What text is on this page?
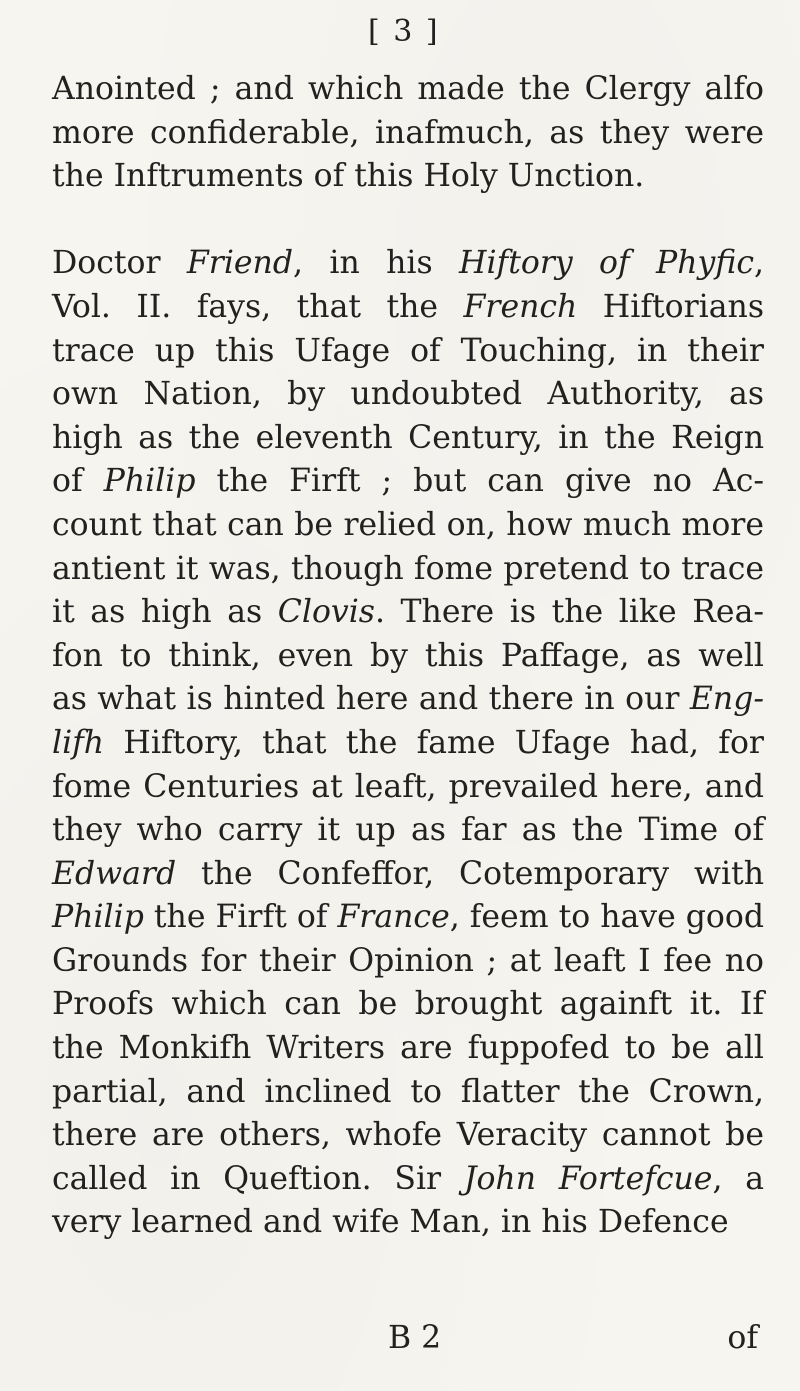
[ 3 ]
Anointed ; and which made the Clergy alfo
more confiderable, inafmuch, as they were
the Inftruments of this Holy Unction.
Doctor Friend, in his Hiftory of Phyfic,
Vol. II. fays, that the French Hiftorians
trace up this Ufage of Touching, in their
own Nation, by undoubted Authority, as
high as the eleventh Century, in the Reign
of Philip the Firft ; but can give no Ac-
count that can be relied on, how much more
antient it was, though fome pretend to trace
it as high as Clovis. There is the like Rea-
fon to think, even by this Paffage, as well
as what is hinted here and there in our Eng-
lifh Hiftory, that the fame Ufage had, for
fome Centuries at leaft, prevailed here, and
they who carry it up as far as the Time of
Edward the Confeffor, Cotemporary with
Philip the Firft of France, feem to have good
Grounds for their Opinion ; at leaft I fee no
Proofs which can be brought againft it. If
the Monkifh Writers are fuppofed to be all
partial, and inclined to flatter the Crown,
there are others, whofe Veracity cannot be
called in Queftion. Sir John Fortefcue, a
very learned and wife Man, in his Defence
B 2	of
